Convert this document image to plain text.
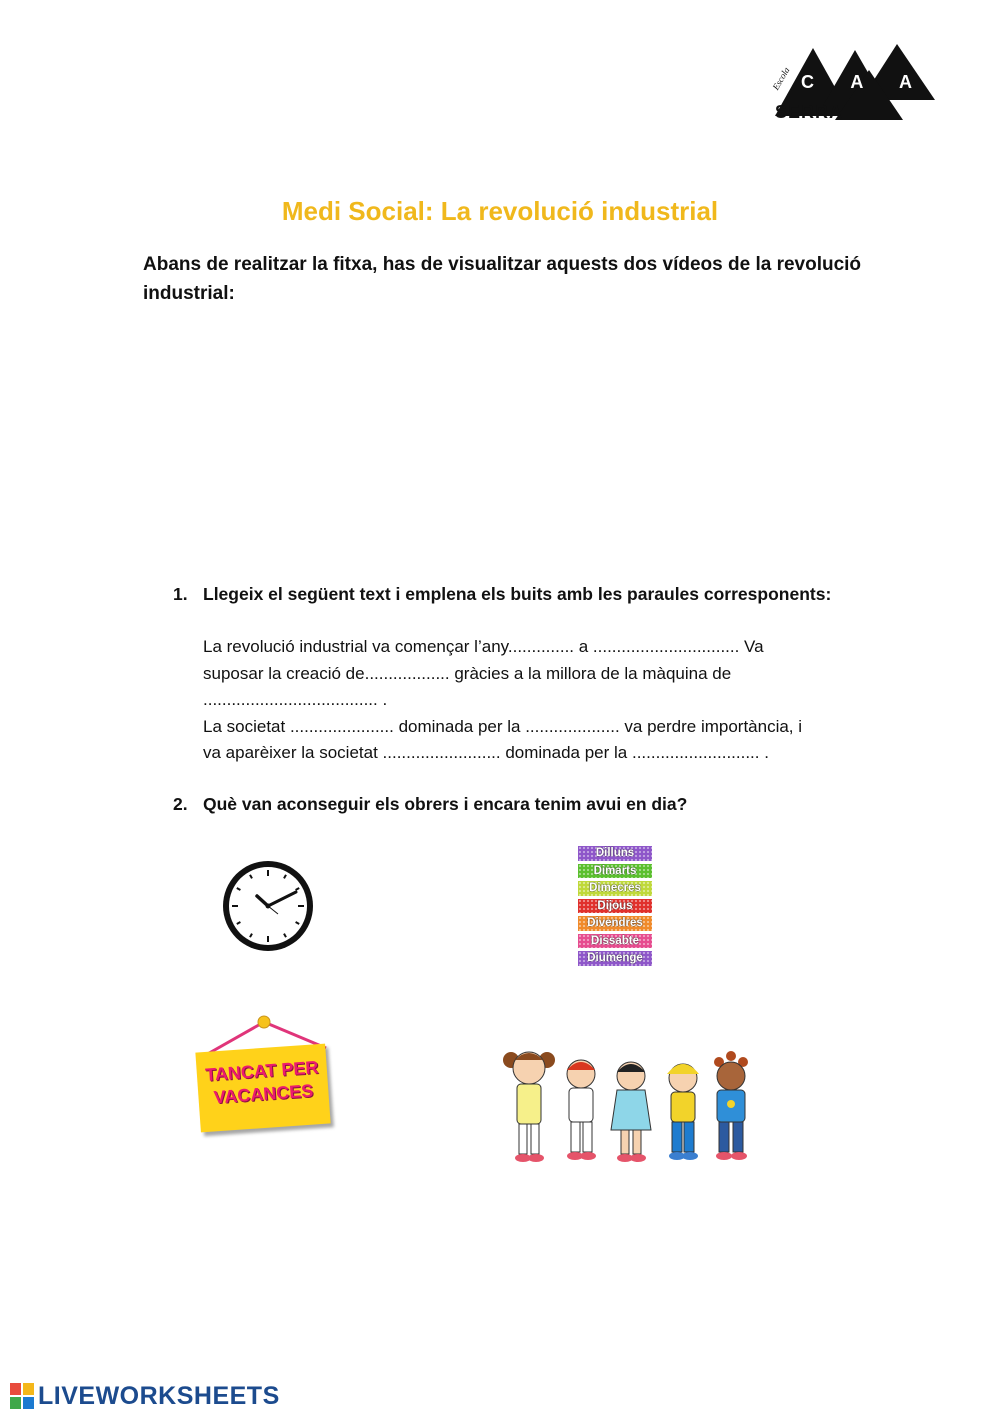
Escola C A A N
SERRA
Medi Social: La revolució industrial
Abans de realitzar la fitxa, has de visualitzar aquests dos vídeos de la revolució industrial:
1. Llegeix el següent text i emplena els buits amb les paraules corresponents:
La revolució industrial va començar l’any.............. a ............................... Va
suposar la creació de.................. gràcies a la millora de la màquina de
..................................... .
La societat ...................... dominada per la .................... va perdre importància, i
va aparèixer la societat ......................... dominada per la ........................... .
2. Què van aconseguir els obrers i encara tenim avui en dia?
Dilluns
Dimarts
Dimecres
Dijous
Divendres
Dissabte
Diumenge
TANCAT PER
VACANCES
LIVEWORKSHEETS
